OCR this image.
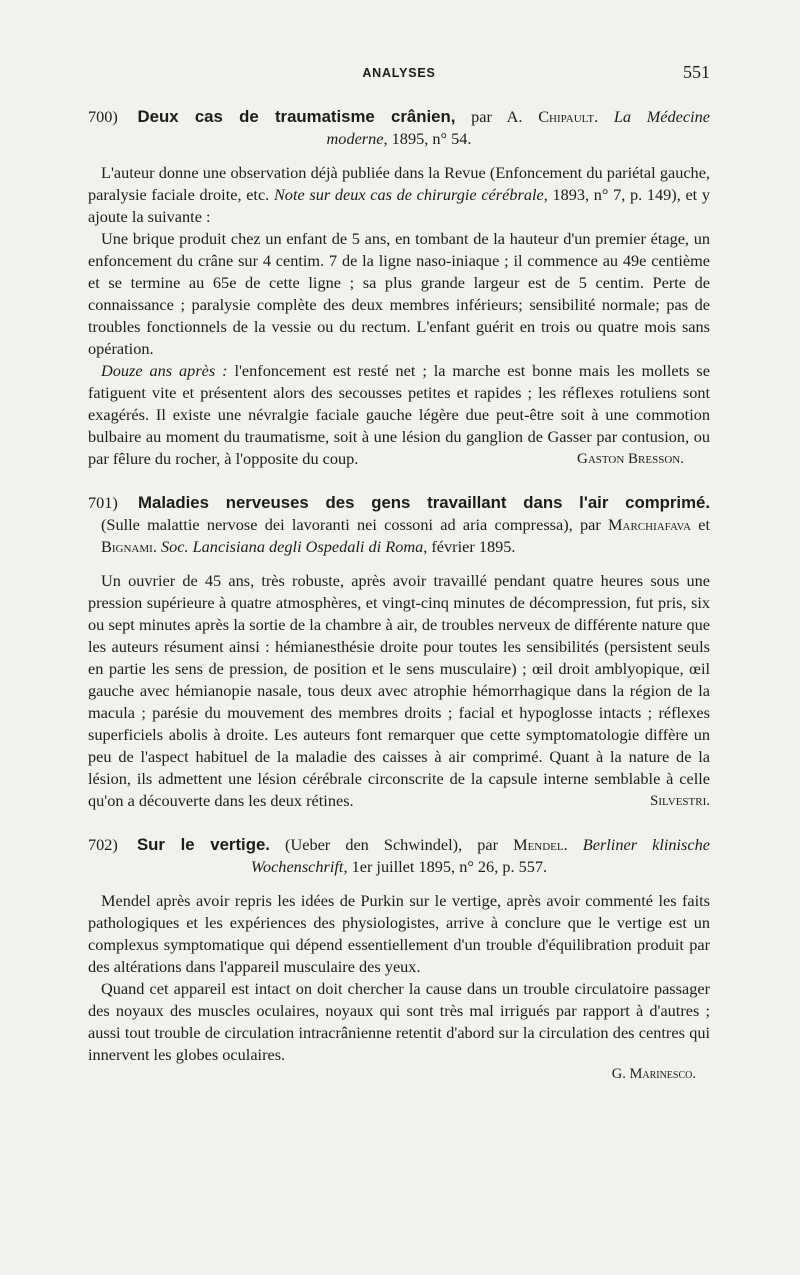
ANALYSES	551
700) Deux cas de traumatisme crânien, par A. Chipault. La Médecine
moderne, 1895, n° 54.

L'auteur donne une observation déjà publiée dans la Revue (Enfoncement du pariétal gauche, paralysie faciale droite, etc. Note sur deux cas de chirurgie cérébrale, 1893, n° 7, p. 149), et y ajoute la suivante :

Une brique produit chez un enfant de 5 ans, en tombant de la hauteur d'un premier étage, un enfoncement du crâne sur 4 centim. 7 de la ligne naso-iniaque ; il commence au 49e centième et se termine au 65e de cette ligne ; sa plus grande largeur est de 5 centim. Perte de connaissance ; paralysie complète des deux membres inférieurs; sensibilité normale; pas de troubles fonctionnels de la vessie ou du rectum. L'enfant guérit en trois ou quatre mois sans opération.

Douze ans après : l'enfoncement est resté net ; la marche est bonne mais les mollets se fatiguent vite et présentent alors des secousses petites et rapides ; les réflexes rotuliens sont exagérés. Il existe une névralgie faciale gauche légère due peut-être soit à une commotion bulbaire au moment du traumatisme, soit à une lésion du ganglion de Gasser par contusion, ou par fêlure du rocher, à l'opposite du coup.	Gaston Bresson.

701) Maladies nerveuses des gens travaillant dans l'air comprimé.
(Sulle malattie nervose dei lavoranti nei cossoni ad aria compressa), par Marchiafava et Bignami. Soc. Lancisiana degli Ospedali di Roma, février 1895.

Un ouvrier de 45 ans, très robuste, après avoir travaillé pendant quatre heures sous une pression supérieure à quatre atmosphères, et vingt-cinq minutes de décompression, fut pris, six ou sept minutes après la sortie de la chambre à air, de troubles nerveux de différente nature que les auteurs résument ainsi : hémianesthésie droite pour toutes les sensibilités (persistent seuls en partie les sens de pression, de position et le sens musculaire) ; œil droit amblyopique, œil gauche avec hémianopie nasale, tous deux avec atrophie hémorrhagique dans la région de la macula ; parésie du mouvement des membres droits ; facial et hypoglosse intacts ; réflexes superficiels abolis à droite. Les auteurs font remarquer que cette symptomatologie diffère un peu de l'aspect habituel de la maladie des caisses à air comprimé. Quant à la nature de la lésion, ils admettent une lésion cérébrale circonscrite de la capsule interne semblable à celle qu'on a découverte dans les deux rétines.	Silvestri.

702) Sur le vertige. (Ueber den Schwindel), par Mendel. Berliner klinische
Wochenschrift, 1er juillet 1895, n° 26, p. 557.

Mendel après avoir repris les idées de Purkin sur le vertige, après avoir commenté les faits pathologiques et les expériences des physiologistes, arrive à conclure que le vertige est un complexus symptomatique qui dépend essentiellement d'un trouble d'équilibration produit par des altérations dans l'appareil musculaire des yeux.

Quand cet appareil est intact on doit chercher la cause dans un trouble circulatoire passager des noyaux des muscles oculaires, noyaux qui sont très mal irrigués par rapport à d'autres ; aussi tout trouble de circulation intracrânienne retentit d'abord sur la circulation des centres qui innervent les globes oculaires.

G. Marinesco.
